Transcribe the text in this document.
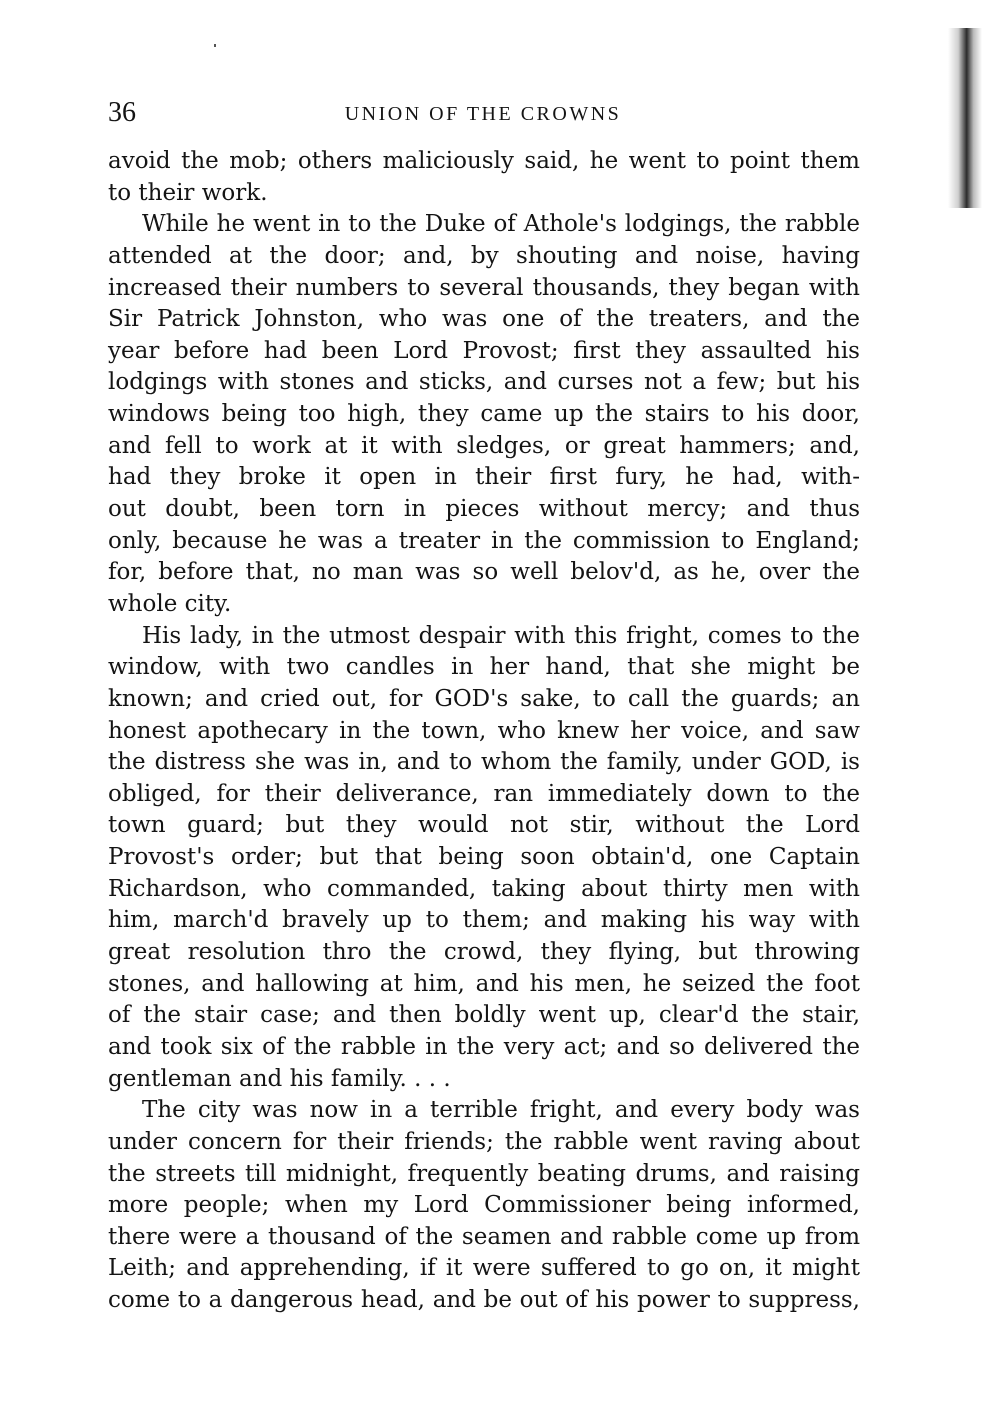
36	UNION OF THE CROWNS
avoid the mob; others maliciously said, he went to point them
to their work.
While he went in to the Duke of Athole's lodgings, the rabble
attended at the door; and, by shouting and noise, having
increased their numbers to several thousands, they began with
Sir Patrick Johnston, who was one of the treaters, and the
year before had been Lord Provost; first they assaulted his
lodgings with stones and sticks, and curses not a few; but his
windows being too high, they came up the stairs to his door,
and fell to work at it with sledges, or great hammers; and,
had they broke it open in their first fury, he had, with-
out doubt, been torn in pieces without mercy; and thus
only, because he was a treater in the commission to England;
for, before that, no man was so well belov'd, as he, over the
whole city.
His lady, in the utmost despair with this fright, comes to the
window, with two candles in her hand, that she might be
known; and cried out, for GOD's sake, to call the guards; an
honest apothecary in the town, who knew her voice, and saw
the distress she was in, and to whom the family, under GOD, is
obliged, for their deliverance, ran immediately down to the
town guard; but they would not stir, without the Lord
Provost's order; but that being soon obtain'd, one Captain
Richardson, who commanded, taking about thirty men with
him, march'd bravely up to them; and making his way with
great resolution thro the crowd, they flying, but throwing
stones, and hallowing at him, and his men, he seized the foot
of the stair case; and then boldly went up, clear'd the stair,
and took six of the rabble in the very act; and so delivered the
gentleman and his family. . . .
The city was now in a terrible fright, and every body was
under concern for their friends; the rabble went raving about
the streets till midnight, frequently beating drums, and raising
more people; when my Lord Commissioner being informed,
there were a thousand of the seamen and rabble come up from
Leith; and apprehending, if it were suffered to go on, it might
come to a dangerous head, and be out of his power to suppress,
